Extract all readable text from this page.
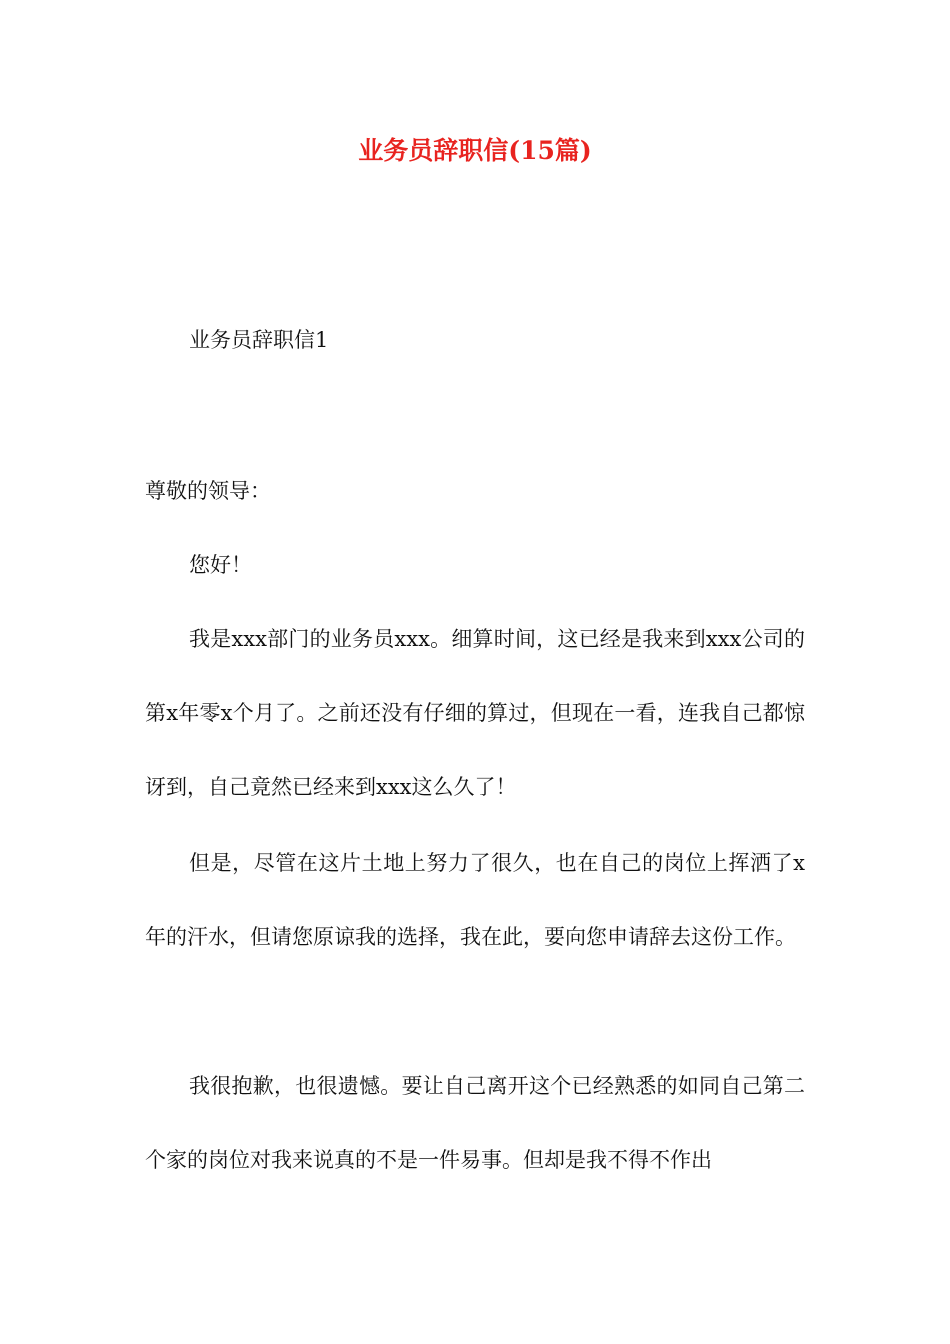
业务员辞职信(15篇)

业务员辞职信1

尊敬的领导：

您好！

我是xxx部门的业务员xxx。细算时间，这已经是我来到xxx公司的第x年零x个月了。之前还没有仔细的算过，但现在一看，连我自己都惊讶到，自己竟然已经来到xxx这么久了！

但是，尽管在这片土地上努力了很久，也在自己的岗位上挥洒了x年的汗水，但请您原谅我的选择，我在此，要向您申请辞去这份工作。

我很抱歉，也很遗憾。要让自己离开这个已经熟悉的如同自己第二个家的岗位对我来说真的不是一件易事。但却是我不得不作出
